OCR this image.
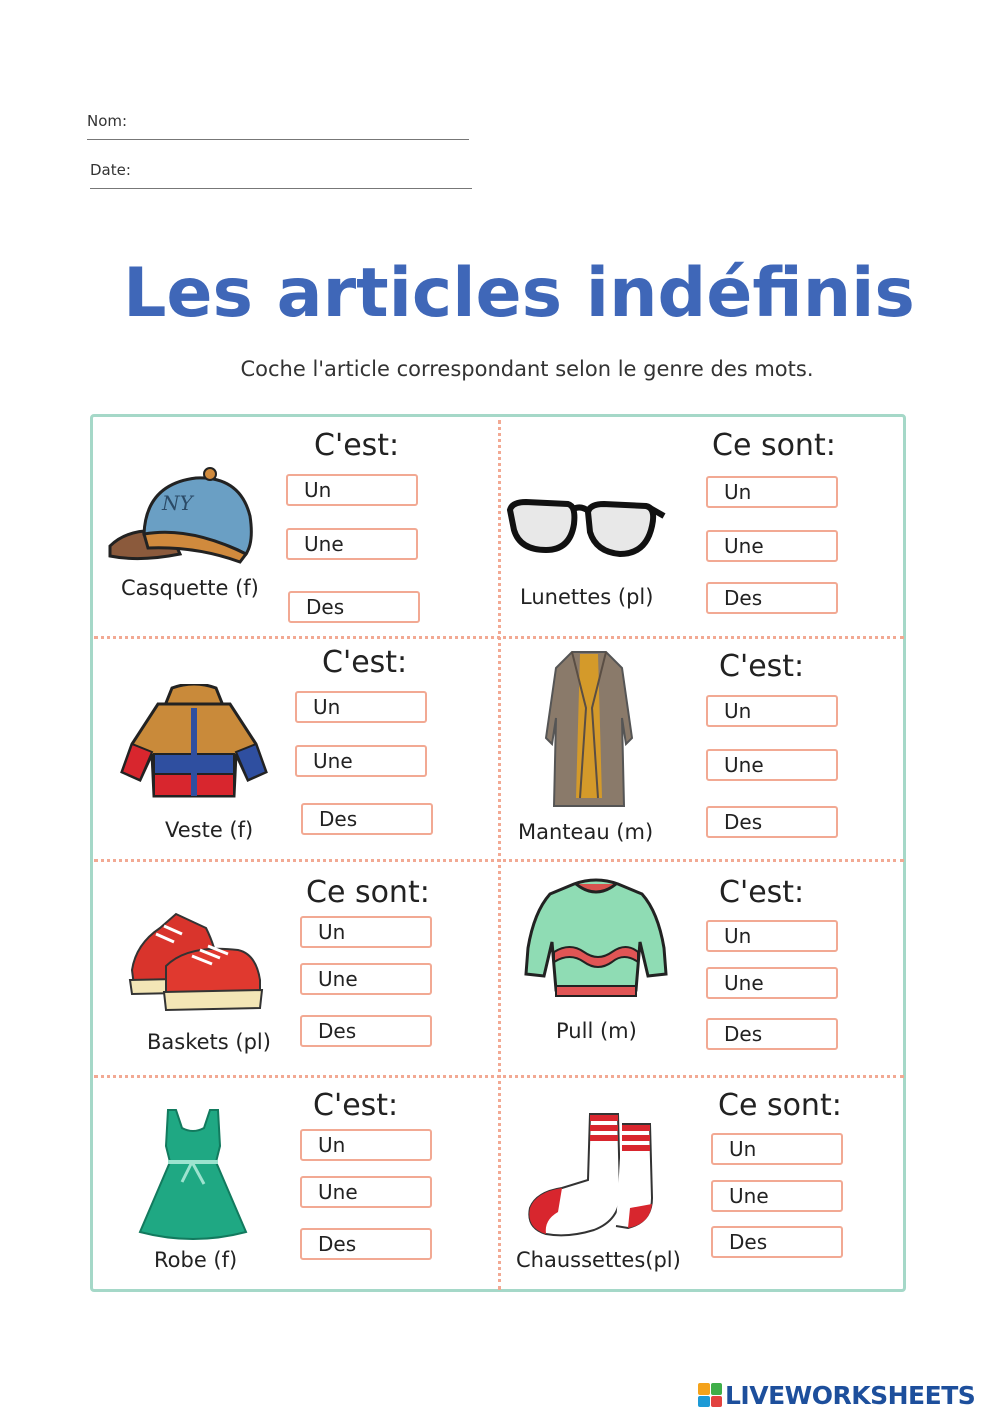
Nom:
Date:
Les articles indéfinis
Coche l'article correspondant selon le genre des mots.
C'est:
Un
Une
Des
Casquette (f)
NY
Ce sont:
Un
Une
Des
Lunettes (pl)
C'est:
Un
Une
Des
Veste (f)
C'est:
Un
Une
Des
Manteau (m)
Ce sont:
Un
Une
Des
Baskets (pl)
C'est:
Un
Une
Des
Pull (m)
C'est:
Un
Une
Des
Robe (f)
Ce sont:
Un
Une
Des
Chaussettes(pl)
LIVEWORKSHEETS
